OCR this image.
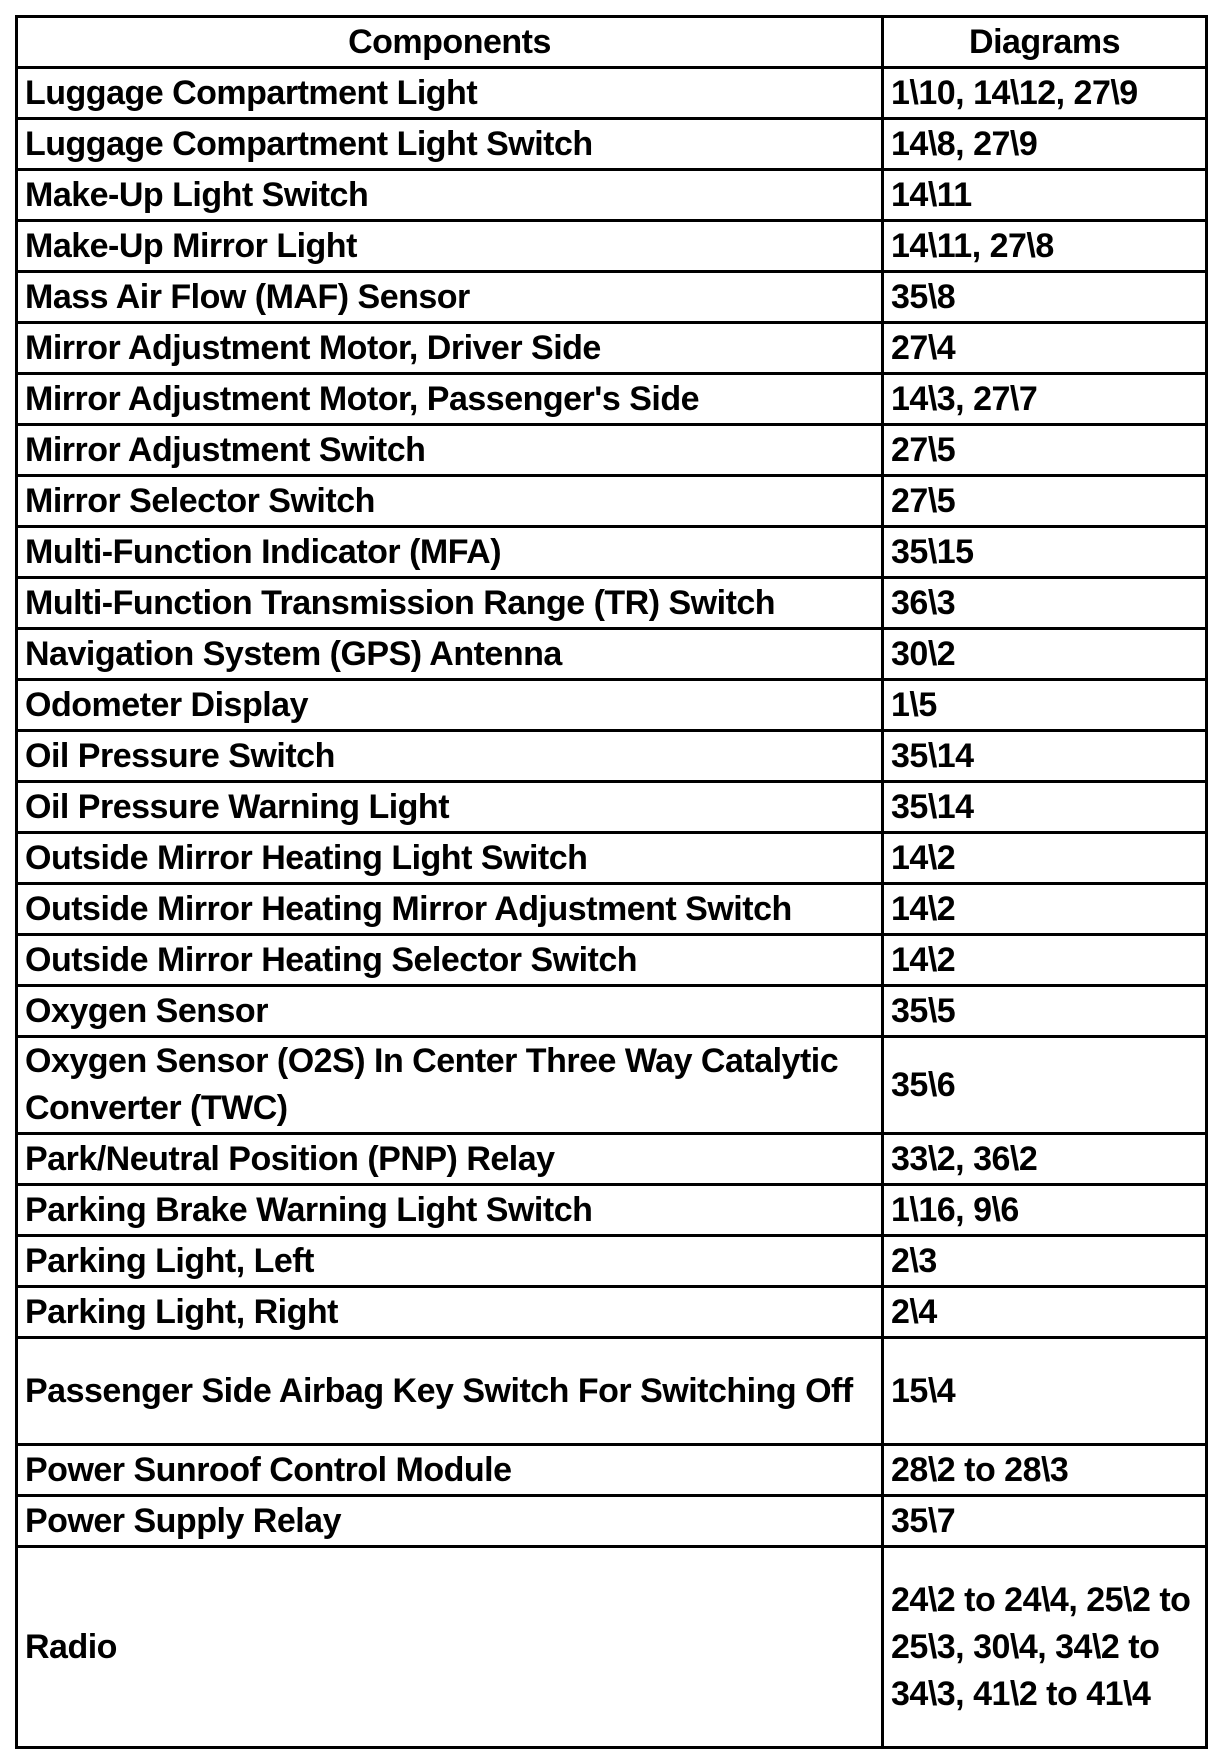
Components	Diagrams
Luggage Compartment Light	1\10, 14\12, 27\9
Luggage Compartment Light Switch	14\8, 27\9
Make-Up Light Switch	14\11
Make-Up Mirror Light	14\11, 27\8
Mass Air Flow (MAF) Sensor	35\8
Mirror Adjustment Motor, Driver Side	27\4
Mirror Adjustment Motor, Passenger's Side	14\3, 27\7
Mirror Adjustment Switch	27\5
Mirror Selector Switch	27\5
Multi-Function Indicator (MFA)	35\15
Multi-Function Transmission Range (TR) Switch	36\3
Navigation System (GPS) Antenna	30\2
Odometer Display	1\5
Oil Pressure Switch	35\14
Oil Pressure Warning Light	35\14
Outside Mirror Heating Light Switch	14\2
Outside Mirror Heating Mirror Adjustment Switch	14\2
Outside Mirror Heating Selector Switch	14\2
Oxygen Sensor	35\5
Oxygen Sensor (O2S) In Center Three Way Catalytic Converter (TWC)	35\6
Park/Neutral Position (PNP) Relay	33\2, 36\2
Parking Brake Warning Light Switch	1\16, 9\6
Parking Light, Left	2\3
Parking Light, Right	2\4
Passenger Side Airbag Key Switch For Switching Off	15\4
Power Sunroof Control Module	28\2 to 28\3
Power Supply Relay	35\7
Radio	24\2 to 24\4, 25\2 to
25\3, 30\4, 34\2 to
34\3, 41\2 to 41\4
